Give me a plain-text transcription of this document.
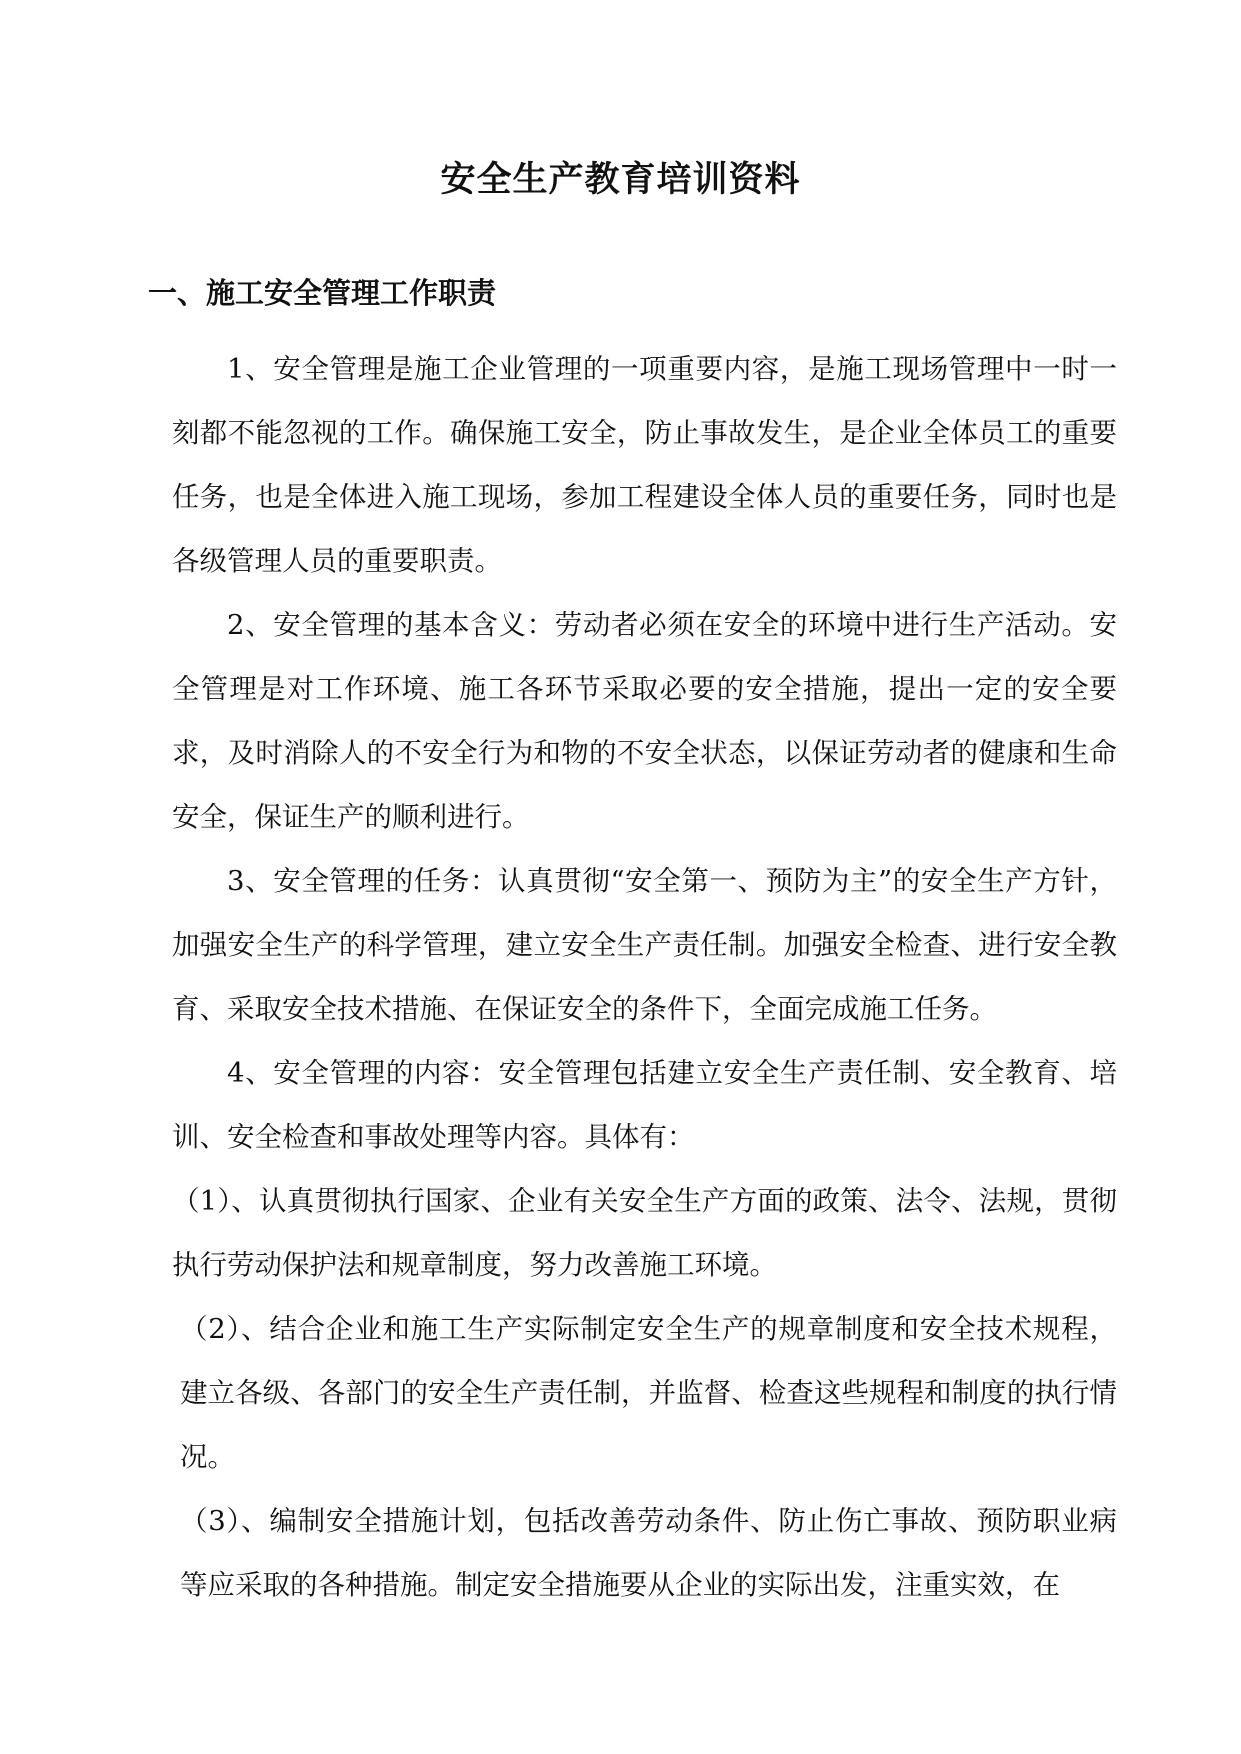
安全生产教育培训资料
一、施工安全管理工作职责
1、安全管理是施工企业管理的一项重要内容，是施工现场管理中一时一刻都不能忽视的工作。确保施工安全，防止事故发生，是企业全体员工的重要任务，也是全体进入施工现场，参加工程建设全体人员的重要任务，同时也是各级管理人员的重要职责。
2、安全管理的基本含义：劳动者必须在安全的环境中进行生产活动。安全管理是对工作环境、施工各环节采取必要的安全措施，提出一定的安全要求，及时消除人的不安全行为和物的不安全状态，以保证劳动者的健康和生命安全，保证生产的顺利进行。
3、安全管理的任务：认真贯彻“安全第一、预防为主”的安全生产方针，加强安全生产的科学管理，建立安全生产责任制。加强安全检查、进行安全教育、采取安全技术措施、在保证安全的条件下，全面完成施工任务。
4、安全管理的内容：安全管理包括建立安全生产责任制、安全教育、培训、安全检查和事故处理等内容。具体有：
（1）、认真贯彻执行国家、企业有关安全生产方面的政策、法令、法规，贯彻执行劳动保护法和规章制度，努力改善施工环境。
（2）、结合企业和施工生产实际制定安全生产的规章制度和安全技术规程，建立各级、各部门的安全生产责任制，并监督、检查这些规程和制度的执行情况。
（3）、编制安全措施计划，包括改善劳动条件、防止伤亡事故、预防职业病等应采取的各种措施。制定安全措施要从企业的实际出发，注重实效，在
